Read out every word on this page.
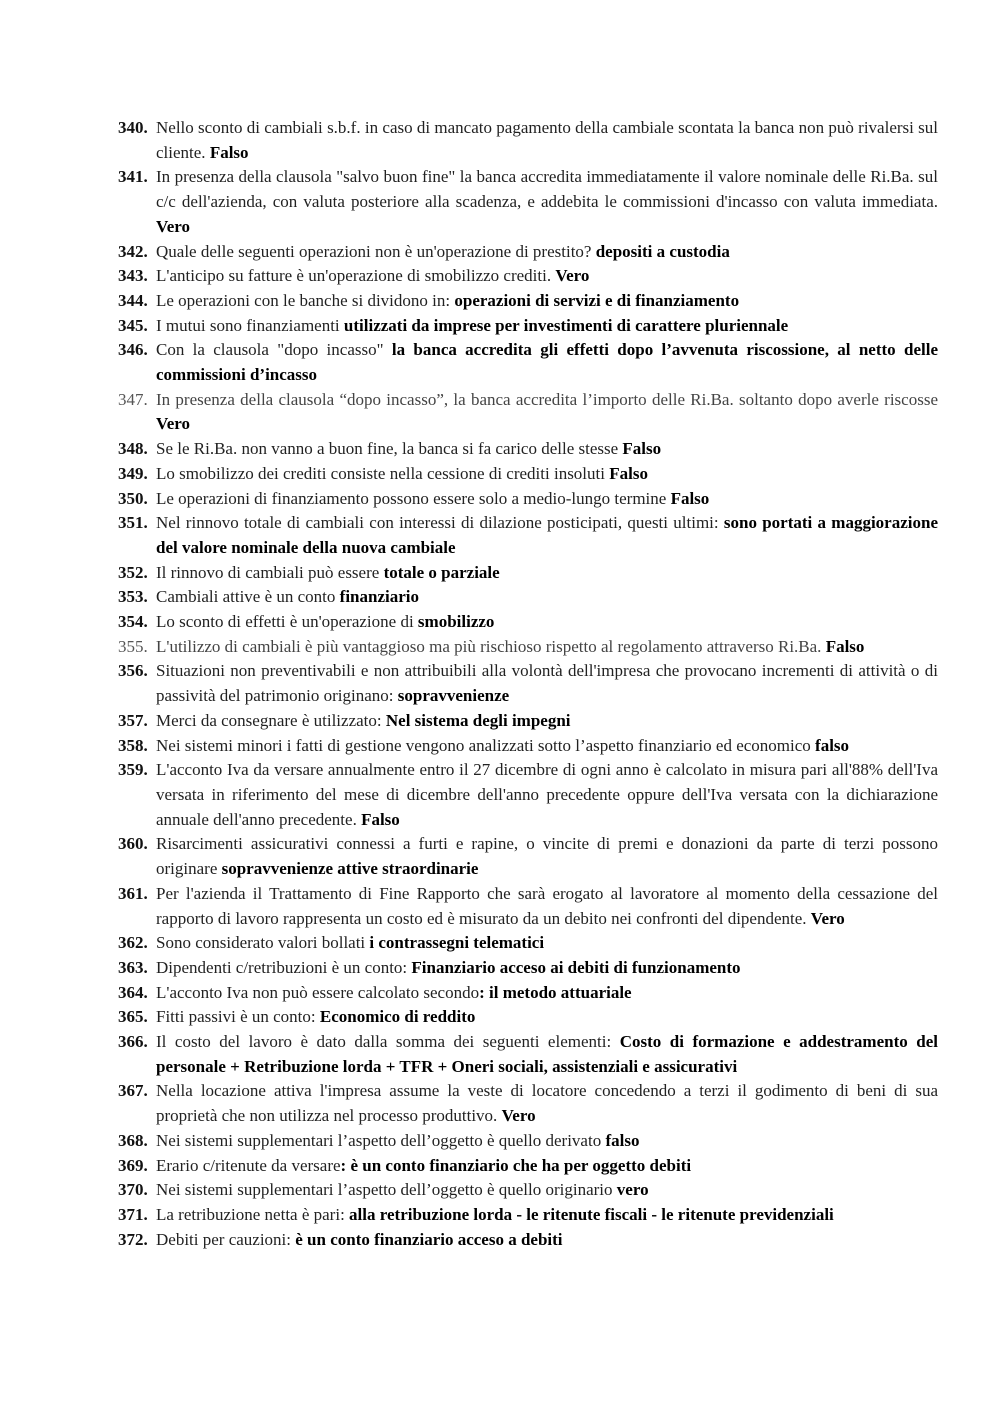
340. Nello sconto di cambiali s.b.f. in caso di mancato pagamento della cambiale scontata la banca non può rivalersi sul cliente. Falso
341. In presenza della clausola "salvo buon fine" la banca accredita immediatamente il valore nominale delle Ri.Ba. sul c/c dell'azienda, con valuta posteriore alla scadenza, e addebita le commissioni d'incasso con valuta immediata. Vero
342. Quale delle seguenti operazioni non è un'operazione di prestito? depositi a custodia
343. L'anticipo su fatture è un'operazione di smobilizzo crediti. Vero
344. Le operazioni con le banche si dividono in: operazioni di servizi e di finanziamento
345. I mutui sono finanziamenti utilizzati da imprese per investimenti di carattere pluriennale
346. Con la clausola "dopo incasso" la banca accredita gli effetti dopo l’avvenuta riscossione, al netto delle commissioni d’incasso
347. In presenza della clausola “dopo incasso”, la banca accredita l’importo delle Ri.Ba. soltanto dopo averle riscosse Vero
348. Se le Ri.Ba. non vanno a buon fine, la banca si fa carico delle stesse Falso
349. Lo smobilizzo dei crediti consiste nella cessione di crediti insoluti Falso
350. Le operazioni di finanziamento possono essere solo a medio-lungo termine Falso
351. Nel rinnovo totale di cambiali con interessi di dilazione posticipati, questi ultimi: sono portati a maggiorazione del valore nominale della nuova cambiale
352. Il rinnovo di cambiali può essere totale o parziale
353. Cambiali attive è un conto finanziario
354. Lo sconto di effetti è un'operazione di smobilizzo
355. L'utilizzo di cambiali è più vantaggioso ma più rischioso rispetto al regolamento attraverso Ri.Ba. Falso
356. Situazioni non preventivabili e non attribuibili alla volontà dell'impresa che provocano incrementi di attività o di passività del patrimonio originano: sopravvenienze
357. Merci da consegnare è utilizzato: Nel sistema degli impegni
358. Nei sistemi minori i fatti di gestione vengono analizzati sotto l’aspetto finanziario ed economico falso
359. L'acconto Iva da versare annualmente entro il 27 dicembre di ogni anno è calcolato in misura pari all'88% dell'Iva versata in riferimento del mese di dicembre dell'anno precedente oppure dell'Iva versata con la dichiarazione annuale dell'anno precedente. Falso
360. Risarcimenti assicurativi connessi a furti e rapine, o vincite di premi e donazioni da parte di terzi possono originare sopravvenienze attive straordinarie
361. Per l'azienda il Trattamento di Fine Rapporto che sarà erogato al lavoratore al momento della cessazione del rapporto di lavoro rappresenta un costo ed è misurato da un debito nei confronti del dipendente. Vero
362. Sono considerato valori bollati i contrassegni telematici
363. Dipendenti c/retribuzioni è un conto: Finanziario acceso ai debiti di funzionamento
364. L'acconto Iva non può essere calcolato secondo: il metodo attuariale
365. Fitti passivi è un conto: Economico di reddito
366. Il costo del lavoro è dato dalla somma dei seguenti elementi: Costo di formazione e addestramento del personale + Retribuzione lorda + TFR + Oneri sociali, assistenziali e assicurativi
367. Nella locazione attiva l'impresa assume la veste di locatore concedendo a terzi il godimento di beni di sua proprietà che non utilizza nel processo produttivo. Vero
368. Nei sistemi supplementari l’aspetto dell’oggetto è quello derivato falso
369. Erario c/ritenute da versare: è un conto finanziario che ha per oggetto debiti
370. Nei sistemi supplementari l’aspetto dell’oggetto è quello originario vero
371. La retribuzione netta è pari: alla retribuzione lorda - le ritenute fiscali - le ritenute previdenziali
372. Debiti per cauzioni: è un conto finanziario acceso a debiti
